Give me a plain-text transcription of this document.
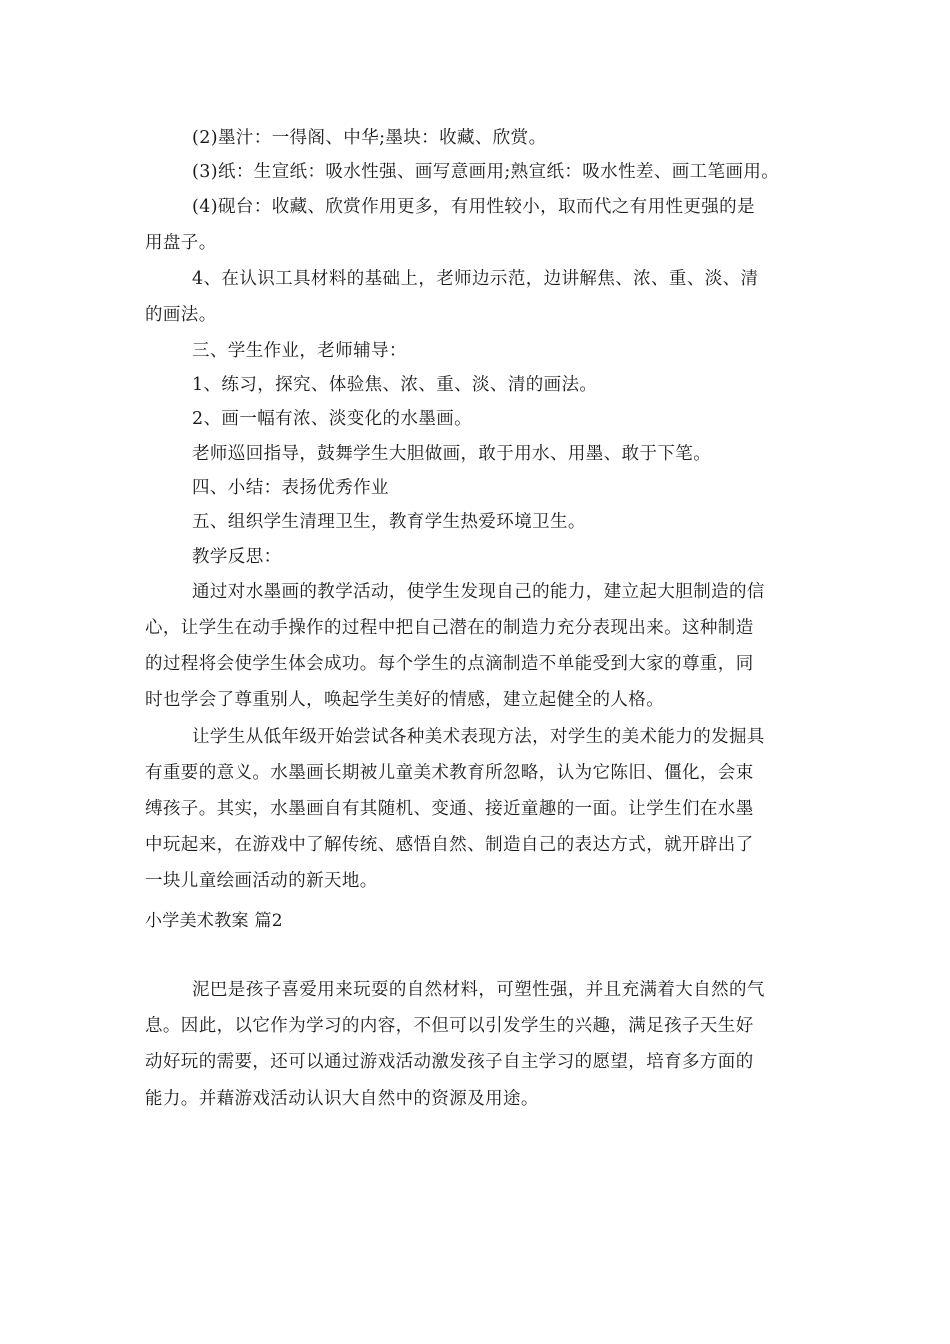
(2)墨汁：一得阁、中华;墨块：收藏、欣赏。
(3)纸：生宣纸：吸水性强、画写意画用;熟宣纸：吸水性差、画工笔画用。
(4)砚台：收藏、欣赏作用更多，有用性较小，取而代之有用性更强的是
用盘子。
4、在认识工具材料的基础上，老师边示范，边讲解焦、浓、重、淡、清
的画法。
三、学生作业，老师辅导：
1、练习，探究、体验焦、浓、重、淡、清的画法。
2、画一幅有浓、淡变化的水墨画。
老师巡回指导，鼓舞学生大胆做画，敢于用水、用墨、敢于下笔。
四、小结：表扬优秀作业
五、组织学生清理卫生，教育学生热爱环境卫生。
教学反思：
通过对水墨画的教学活动，使学生发现自己的能力，建立起大胆制造的信
心，让学生在动手操作的过程中把自己潜在的制造力充分表现出来。这种制造
的过程将会使学生体会成功。每个学生的点滴制造不单能受到大家的尊重，同
时也学会了尊重别人，唤起学生美好的情感，建立起健全的人格。
让学生从低年级开始尝试各种美术表现方法，对学生的美术能力的发掘具
有重要的意义。水墨画长期被儿童美术教育所忽略，认为它陈旧、僵化，会束
缚孩子。其实，水墨画自有其随机、变通、接近童趣的一面。让学生们在水墨
中玩起来，在游戏中了解传统、感悟自然、制造自己的表达方式，就开辟出了
一块儿童绘画活动的新天地。
小学美术教案 篇2
泥巴是孩子喜爱用来玩耍的自然材料，可塑性强，并且充满着大自然的气
息。因此，以它作为学习的内容，不但可以引发学生的兴趣，满足孩子天生好
动好玩的需要，还可以通过游戏活动激发孩子自主学习的愿望，培育多方面的
能力。并藉游戏活动认识大自然中的资源及用途。
